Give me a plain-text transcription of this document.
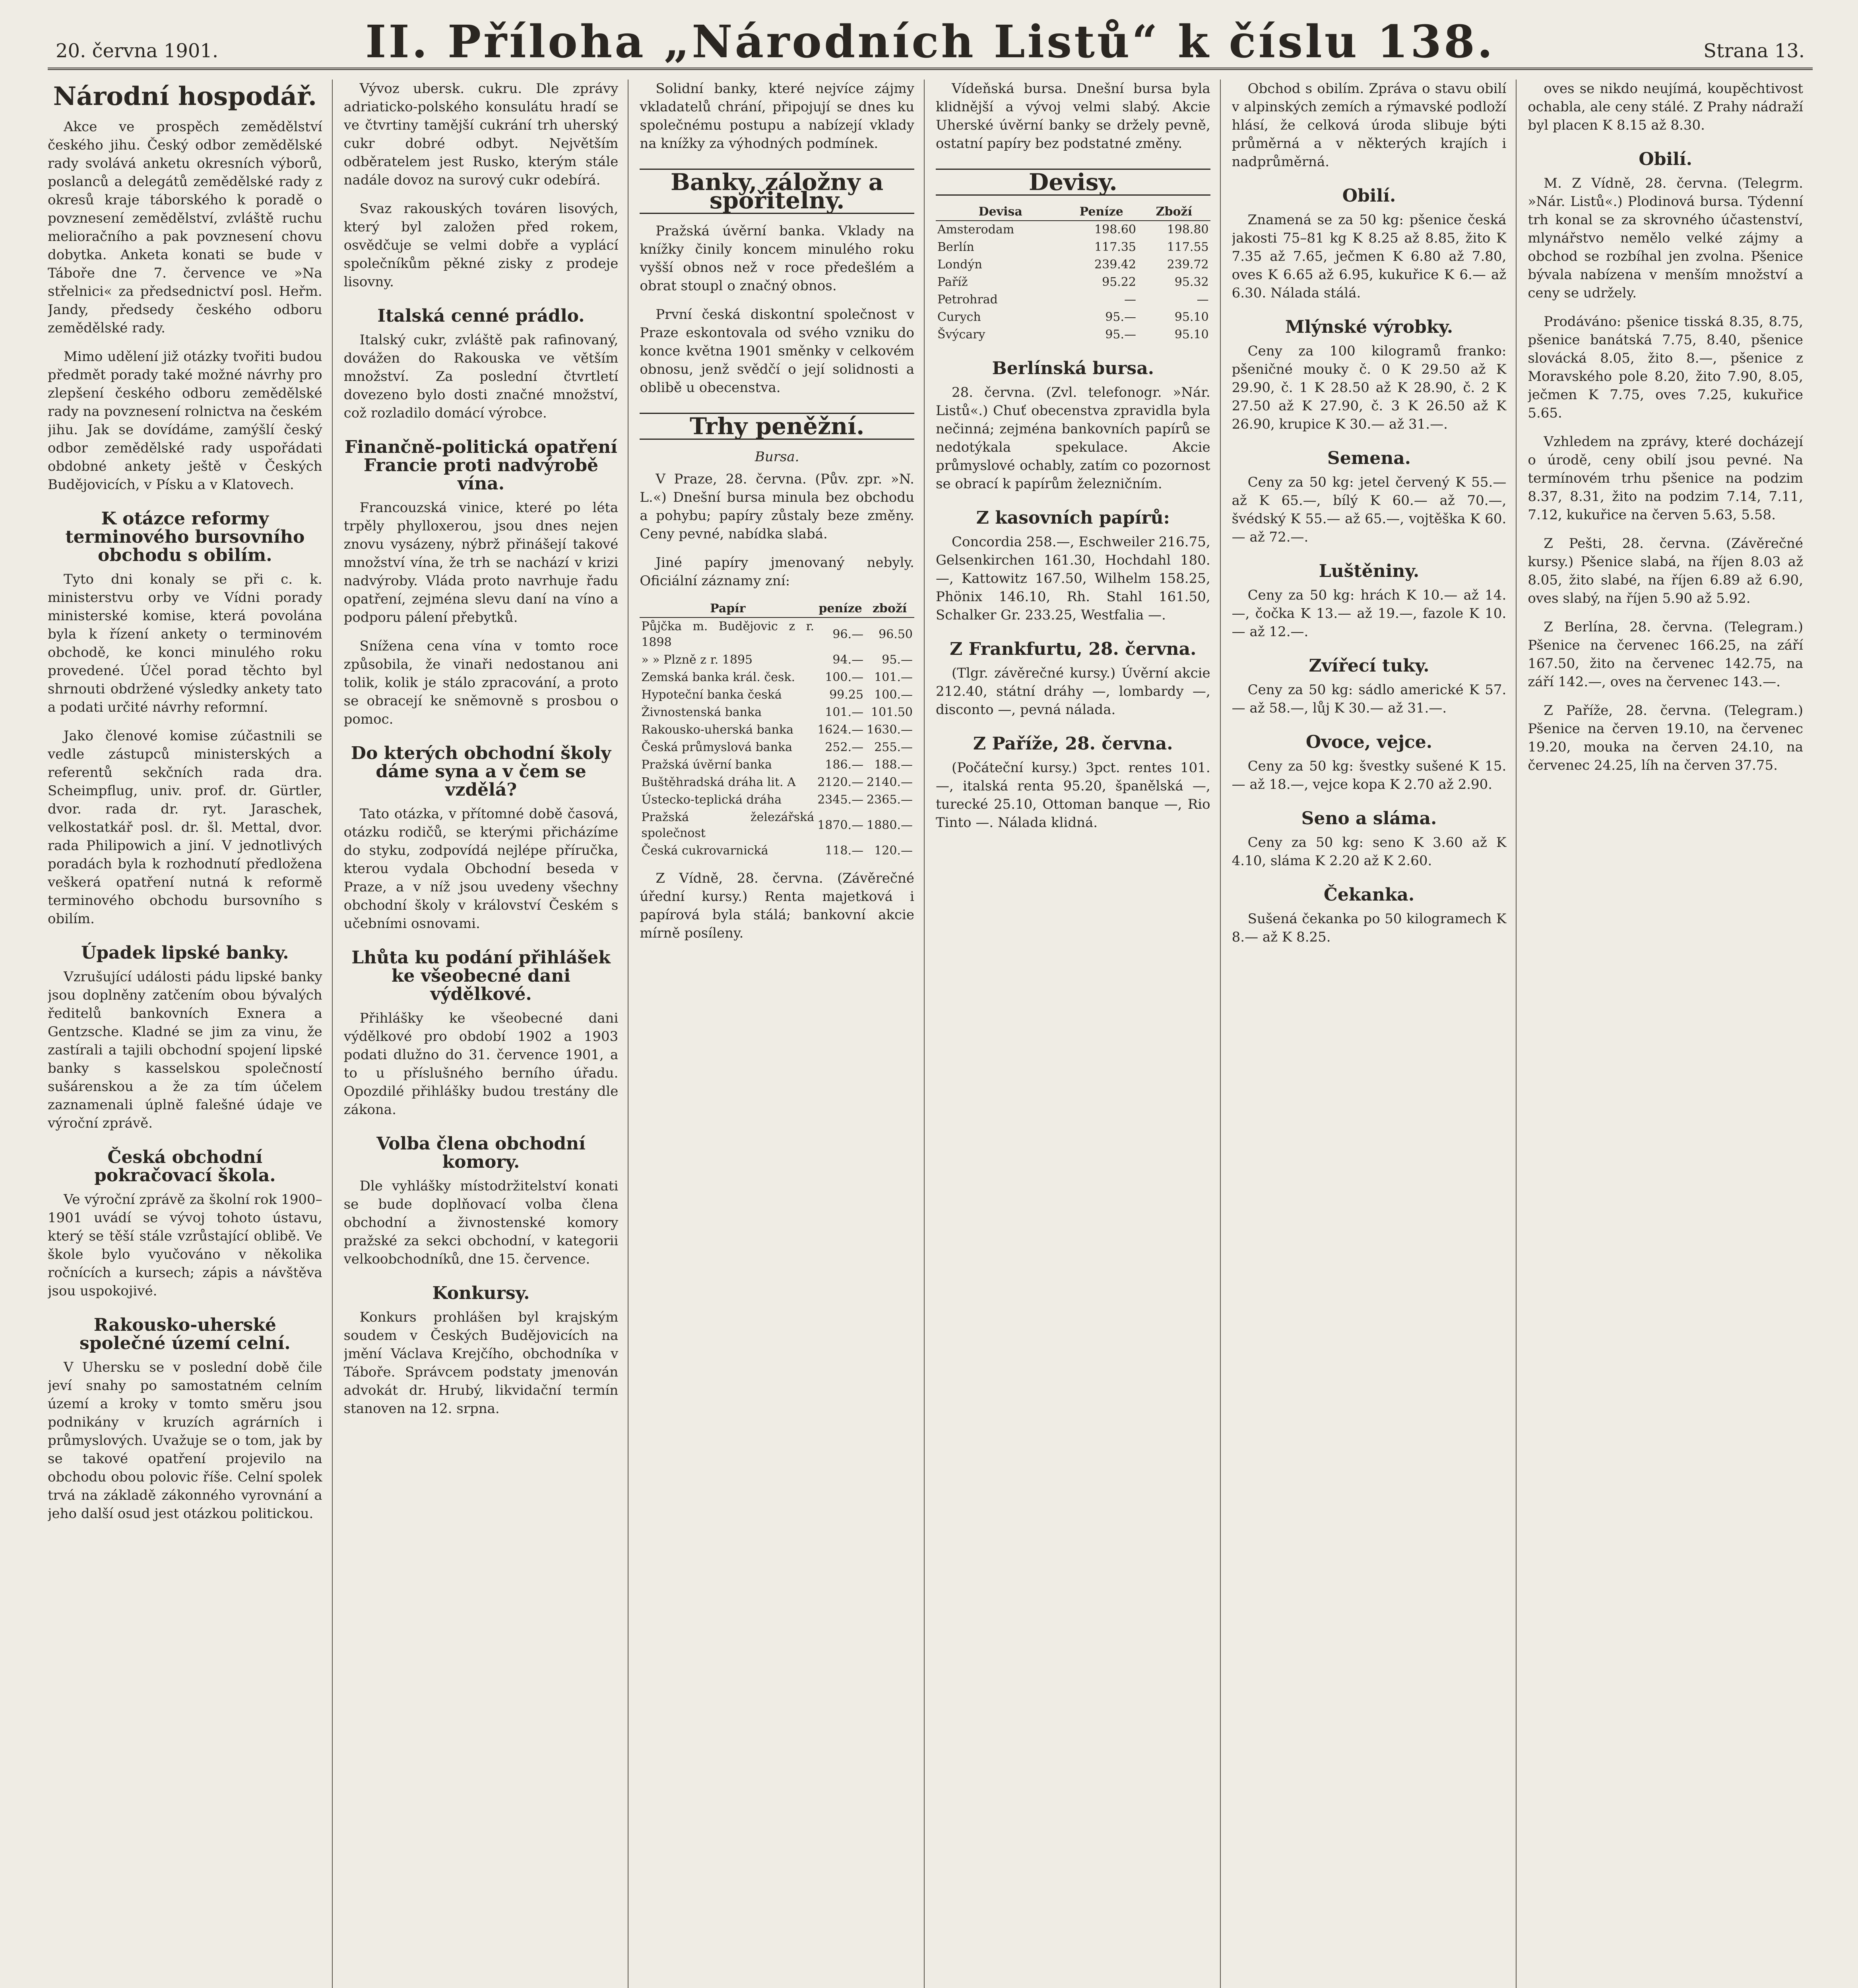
20. června 1901.	II. Příloha „Národních Listů“ k číslu 138.	Strana 13.
Národní hospodář.

Akce ve prospěch zemědělství českého jihu. Český odbor zemědělské rady svolává anketu okresních výborů, poslanců a delegátů zemědělské rady z okresů kraje táborského k poradě o povznesení zemědělství, zvláště ruchu melioračního a pak povznesení chovu dobytka. Anketa konati se bude v Táboře dne 7. července ve »Na střelnici« za předsednictví posl. Heřm. Jandy, předsedy českého odboru zemědělské rady.

Mimo udělení již otázky tvořiti budou předmět porady také možné návrhy pro zlepšení českého odboru zemědělské rady na povznesení rolnictva na českém jihu. Jak se dovídáme, zamýšlí český odbor zemědělské rady uspořádati obdobné ankety ještě v Českých Budějovicích, v Písku a v Klatovech.

K otázce reformy terminového bursovního obchodu s obilím.

Tyto dni konaly se při c. k. ministerstvu orby ve Vídni porady ministerské komise, která povolána byla k řízení ankety o terminovém obchodě, ke konci minulého roku provedené. Účel porad těchto byl shrnouti obdržené výsledky ankety tato a podati určité návrhy reformní.

Jako členové komise zúčastnili se vedle zástupců ministerských a referentů sekčních rada dra. Scheimpflug, univ. prof. dr. Gürtler, dvor. rada dr. ryt. Jaraschek, velkostatkář posl. dr. šl. Mettal, dvor. rada Philipowich a jiní. V jednotlivých poradách byla k rozhodnutí předložena veškerá opatření nutná k reformě terminového obchodu bursovního s obilím.

Úpadek lipské banky.

Vzrušující události pádu lipské banky jsou doplněny zatčením obou bývalých ředitelů bankovních Exnera a Gentzsche. Kladné se jim za vinu, že zastírali a tajili obchodní spojení lipské banky s kasselskou společností sušárenskou a že za tím účelem zaznamenali úplně falešné údaje ve výroční zprávě.

Česká obchodní pokračovací škola.

Ve výroční zprávě za školní rok 1900–1901 uvádí se vývoj tohoto ústavu, který se těší stále vzrůstající oblibě. Ve škole bylo vyučováno v několika ročnících a kursech; zápis a návštěva jsou uspokojivé.

Rakousko-uherské společné území celní.

V Uhersku se v poslední době čile jeví snahy po samostatném celním území a kroky v tomto směru jsou podnikány v kruzích agrárních i průmyslových. Uvažuje se o tom, jak by se takové opatření projevilo na obchodu obou polovic říše. Celní spolek trvá na základě zákonného vyrovnání a jeho další osud jest otázkou politickou.

Vývoz ubersk. cukru. Dle zprávy adriaticko-polského konsulátu hradí se ve čtvrtiny tamější cukrání trh uherský cukr dobré odbyt. Největším odběratelem jest Rusko, kterým stále nadále dovoz na surový cukr odebírá.

Svaz rakouských továren lisových, který byl založen před rokem, osvědčuje se velmi dobře a vyplácí společníkům pěkné zisky z prodeje lisovny.

Italská cenné prádlo.

Italský cukr, zvláště pak rafinovaný, dovážen do Rakouska ve větším množství. Za poslední čtvrtletí dovezeno bylo dosti značné množství, což rozladilo domácí výrobce.

Finančně-politická opatření Francie proti nadvýrobě vína.

Francouzská vinice, které po léta trpěly phylloxerou, jsou dnes nejen znovu vysázeny, nýbrž přinášejí takové množství vína, že trh se nachází v krizi nadvýroby. Vláda proto navrhuje řadu opatření, zejména slevu daní na víno a podporu pálení přebytků.

Snížena cena vína v tomto roce způsobila, že vinaři nedostanou ani tolik, kolik je stálo zpracování, a proto se obracejí ke sněmovně s prosbou o pomoc.

Do kterých obchodní školy dáme syna a v čem se vzdělá?

Tato otázka, v přítomné době časová, otázku rodičů, se kterými přicházíme do styku, zodpovídá nejlépe příručka, kterou vydala Obchodní beseda v Praze, a v níž jsou uvedeny všechny obchodní školy v království Českém s učebními osnovami.

Lhůta ku podání přihlášek ke všeobecné dani výdělkové.

Přihlášky ke všeobecné dani výdělkové pro období 1902 a 1903 podati dlužno do 31. července 1901, a to u příslušného berního úřadu. Opozdilé přihlášky budou trestány dle zákona.

Volba člena obchodní komory.

Dle vyhlášky místodržitelství konati se bude doplňovací volba člena obchodní a živnostenské komory pražské za sekci obchodní, v kategorii velkoobchodníků, dne 15. července.

Konkursy.

Konkurs prohlášen byl krajským soudem v Českých Budějovicích na jmění Václava Krejčího, obchodníka v Táboře. Správcem podstaty jmenován advokát dr. Hrubý, likvidační termín stanoven na 12. srpna.

Solidní banky, které nejvíce zájmy vkladatelů chrání, připojují se dnes ku společnému postupu a nabízejí vklady na knížky za výhodných podmínek.

Banky, záložny a spořitelny.

Pražská úvěrní banka. Vklady na knížky činily koncem minulého roku vyšší obnos než v roce předešlém a obrat stoupl o značný obnos.

První česká diskontní společnost v Praze eskontovala od svého vzniku do konce května 1901 směnky v celkovém obnosu, jenž svědčí o její solidnosti a oblibě u obecenstva.

Trhy peněžní.
Bursa.

V Praze, 28. června. (Pův. zpr. »N. L.«) Dnešní bursa minula bez obchodu a pohybu; papíry zůstaly beze změny. Ceny pevné, nabídka slabá.

Jiné papíry jmenovaný nebyly. Oficiální záznamy zní:

Papír	peníze	zboží
Půjčka m. Budějovic z r. 1898	96.—	96.50
» » Plzně z r. 1895	94.—	95.—
Zemská banka král. česk.	100.—	101.—
Hypoteční banka česká	99.25	100.—
Živnostenská banka	101.—	101.50
Rakousko-uherská banka	1624.—	1630.—
Česká průmyslová banka	252.—	255.—
Pražská úvěrní banka	186.—	188.—
Buštěhradská dráha lit. A	2120.—	2140.—
Ústecko-teplická dráha	2345.—	2365.—
Pražská železářská společnost	1870.—	1880.—
Česká cukrovarnická	118.—	120.—

Z Vídně, 28. června. (Závěrečné úřední kursy.) Renta majetková i papírová byla stálá; bankovní akcie mírně posíleny.

Vídeňská bursa. Dnešní bursa byla klidnější a vývoj velmi slabý. Akcie Uherské úvěrní banky se držely pevně, ostatní papíry bez podstatné změny.

Devisy.
Devisa	Peníze	Zboží
Amsterodam	198.60	198.80
Berlín	117.35	117.55
Londýn	239.42	239.72
Paříž	95.22	95.32
Petrohrad	—	—
Curych	95.—	95.10
Švýcary	95.—	95.10
Berlínská bursa.

28. června. (Zvl. telefonogr. »Nár. Listů«.) Chuť obecenstva zpravidla byla nečinná; zejména bankovních papírů se nedotýkala spekulace. Akcie průmyslové ochably, zatím co pozornost se obrací k papírům železničním.

Z kasovních papírů:

Concordia 258.—, Eschweiler 216.75, Gelsenkirchen 161.30, Hochdahl 180.—, Kattowitz 167.50, Wilhelm 158.25, Phönix 146.10, Rh. Stahl 161.50, Schalker Gr. 233.25, Westfalia —.

Z Frankfurtu, 28. června.

(Tlgr. závěrečné kursy.) Úvěrní akcie 212.40, státní dráhy —, lombardy —, disconto —, pevná nálada.

Z Paříže, 28. června.

(Počáteční kursy.) 3pct. rentes 101.—, italská renta 95.20, španělská —, turecké 25.10, Ottoman banque —, Rio Tinto —. Nálada klidná.

Obchod s obilím. Zpráva o stavu obilí v alpinských zemích a rýmavské podloží hlásí, že celková úroda slibuje býti průměrná a v některých krajích i nadprůměrná.

Obilí.

Znamená se za 50 kg: pšenice česká jakosti 75–81 kg K 8.25 až 8.85, žito K 7.35 až 7.65, ječmen K 6.80 až 7.80, oves K 6.65 až 6.95, kukuřice K 6.— až 6.30. Nálada stálá.

Mlýnské výrobky.

Ceny za 100 kilogramů franko: pšeničné mouky č. 0 K 29.50 až K 29.90, č. 1 K 28.50 až K 28.90, č. 2 K 27.50 až K 27.90, č. 3 K 26.50 až K 26.90, krupice K 30.— až 31.—.

Semena.

Ceny za 50 kg: jetel červený K 55.— až K 65.—, bílý K 60.— až 70.—, švédský K 55.— až 65.—, vojtěška K 60.— až 72.—.

Luštěniny.

Ceny za 50 kg: hrách K 10.— až 14.—, čočka K 13.— až 19.—, fazole K 10.— až 12.—.

Zvířecí tuky.

Ceny za 50 kg: sádlo americké K 57.— až 58.—, lůj K 30.— až 31.—.

Ovoce, vejce.

Ceny za 50 kg: švestky sušené K 15.— až 18.—, vejce kopa K 2.70 až 2.90.

Seno a sláma.

Ceny za 50 kg: seno K 3.60 až K 4.10, sláma K 2.20 až K 2.60.

Čekanka.

Sušená čekanka po 50 kilogramech K 8.— až K 8.25.

oves se nikdo neujímá, koupěchtivost ochabla, ale ceny stálé. Z Prahy nádraží byl placen K 8.15 až 8.30.

Obilí.

M. Z Vídně, 28. června. (Telegrm. »Nár. Listů«.) Plodinová bursa. Týdenní trh konal se za skrovného účastenství, mlynářstvo nemělo velké zájmy a obchod se rozbíhal jen zvolna. Pšenice bývala nabízena v menším množství a ceny se udržely.

Prodáváno: pšenice tisská 8.35, 8.75, pšenice banátská 7.75, 8.40, pšenice slovácká 8.05, žito 8.—, pšenice z Moravského pole 8.20, žito 7.90, 8.05, ječmen K 7.75, oves 7.25, kukuřice 5.65.

Vzhledem na zprávy, které docházejí o úrodě, ceny obilí jsou pevné. Na termínovém trhu pšenice na podzim 8.37, 8.31, žito na podzim 7.14, 7.11, 7.12, kukuřice na červen 5.63, 5.58.

Z Pešti, 28. června. (Závěrečné kursy.) Pšenice slabá, na říjen 8.03 až 8.05, žito slabé, na říjen 6.89 až 6.90, oves slabý, na říjen 5.90 až 5.92.

Z Berlína, 28. června. (Telegram.) Pšenice na červenec 166.25, na září 167.50, žito na červenec 142.75, na září 142.—, oves na červenec 143.—.

Z Paříže, 28. června. (Telegram.) Pšenice na červen 19.10, na červenec 19.20, mouka na červen 24.10, na červenec 24.25, líh na červen 37.75.
